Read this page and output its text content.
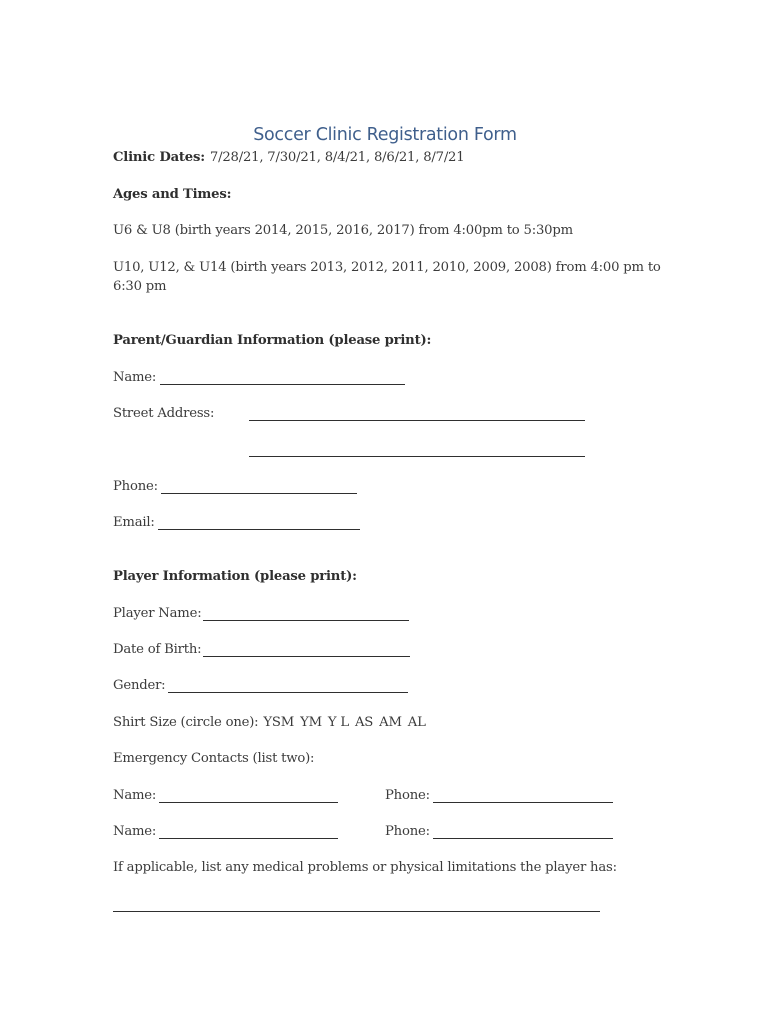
Soccer Clinic Registration Form
Clinic Dates: 7/28/21, 7/30/21, 8/4/21, 8/6/21, 8/7/21
Ages and Times:
U6 & U8 (birth years 2014, 2015, 2016, 2017) from 4:00pm to 5:30pm
U10, U12, & U14 (birth years 2013, 2012, 2011, 2010, 2009, 2008) from 4:00 pm to
6:30 pm
Parent/Guardian Information (please print):
Name:
Street Address:
Phone:
Email:
Player Information (please print):
Player Name:
Date of Birth:
Gender:
Shirt Size (circle one): YSM YM Y L AS AM AL
Emergency Contacts (list two):
Name:	Phone:
Name:	Phone:
If applicable, list any medical problems or physical limitations the player has:
